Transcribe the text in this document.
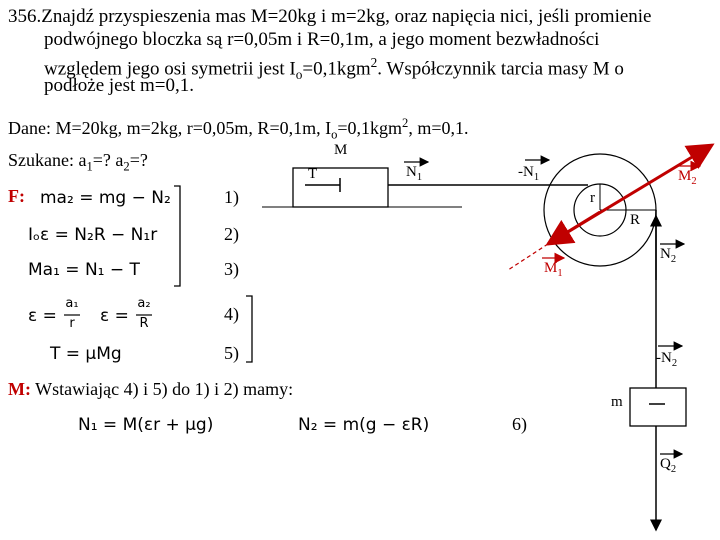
356.Znajdź przyspieszenia mas M=20kg i m=2kg, oraz napięcia nici, jeśli promienie
podwójnego bloczka są r=0,05m i R=0,1m, a jego moment bezwładności
względem jego osi symetrii jest $I_o=0,1kgm^2$. Współczynnik tarcia masy M o
podłoże jest m=0,1.
Dane: M=20kg, m=2kg, r=0,05m, R=0,1m, $I_o=0,1kgm^2$, m=0,1.
Szukane: $a_1=$? $a_2=$?
F: ma₂ = mg − N₂	1)
Iₒε = N₂R − N₁r	2)
Ma₁ = N₁ − T	3)
ε =
a₁
r	ε =
a₂
R	4)
T = μMg	5)
M: Wstawiając 4) i 5) do 1) i 2) mamy:
N₁ = M(εr + μg)	N₂ = m(g − εR)	6)
M
T	$N_1$	$-N_1$	$M_2$
r
R
$M_1$
$N_2$
$-N_2$
m
$Q_2$
